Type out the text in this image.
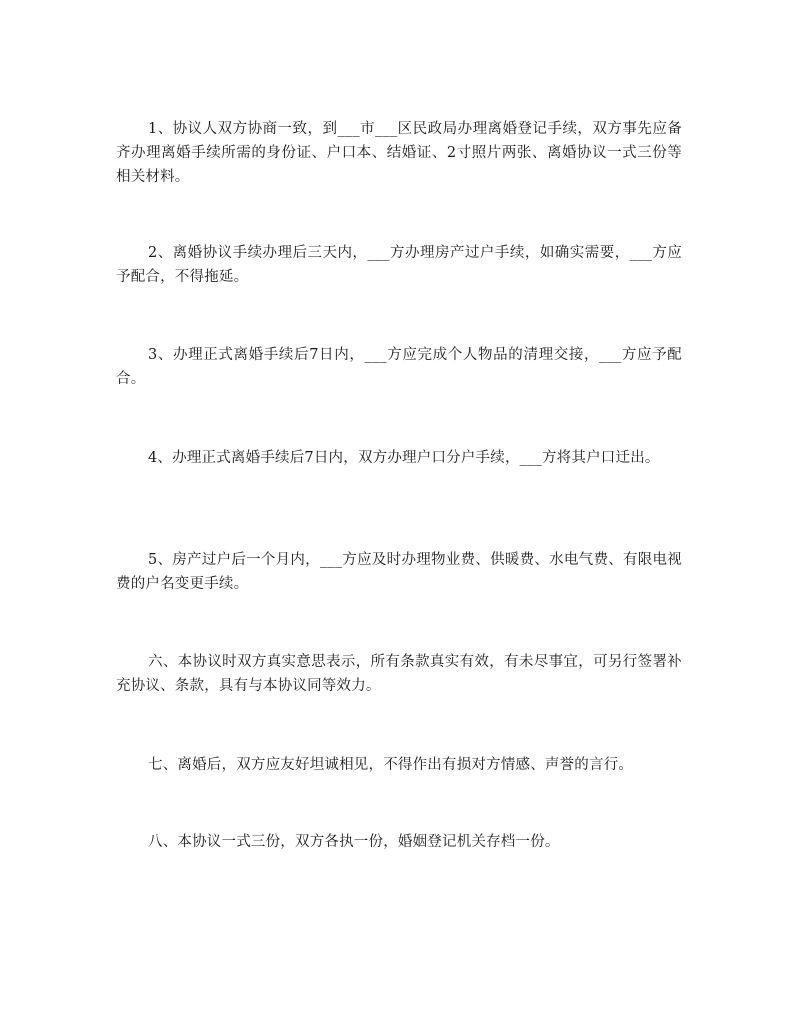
1、协议人双方协商一致，到___市___区民政局办理离婚登记手续，双方事先应备齐办理离婚手续所需的身份证、户口本、结婚证、2寸照片两张、离婚协议一式三份等相关材料。

2、离婚协议手续办理后三天内，___方办理房产过户手续，如确实需要，___方应予配合，不得拖延。

3、办理正式离婚手续后7日内，___方应完成个人物品的清理交接，___方应予配合。

4、办理正式离婚手续后7日内，双方办理户口分户手续，___方将其户口迁出。

5、房产过户后一个月内，___方应及时办理物业费、供暖费、水电气费、有限电视费的户名变更手续。

六、本协议时双方真实意思表示，所有条款真实有效，有未尽事宜，可另行签署补充协议、条款，具有与本协议同等效力。

七、离婚后，双方应友好坦诚相见，不得作出有损对方情感、声誉的言行。

八、本协议一式三份，双方各执一份，婚姻登记机关存档一份。
